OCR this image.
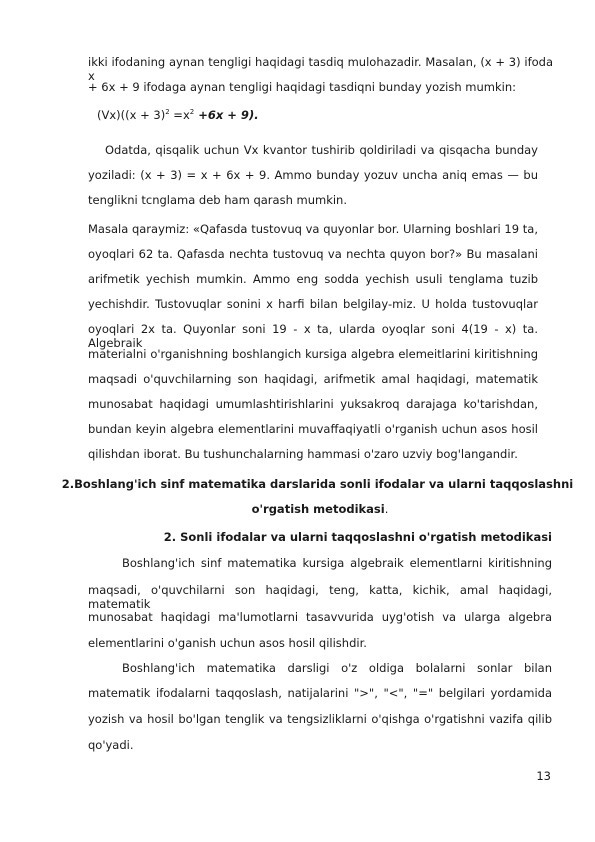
ikki ifodaning aynan tengligi haqidagi tasdiq mulohazadir. Masalan, (x + 3) ifoda x
+ 6x + 9 ifodaga aynan tengligi haqidagi tasdiqni bunday yozish mumkin:
$(Vx)((x + 3)^2 =x^2 +6x + 9)$.
Odatda, qisqalik uchun Vx kvantor tushirib qoldiriladi va qisqacha bunday
yoziladi: (x + 3) = x + 6x + 9. Ammo bunday yozuv uncha aniq emas — bu
tenglikni tcnglama deb ham qarash mumkin.
Masala qaraymiz: «Qafasda tustovuq va quyonlar bor. Ularning boshlari 19 ta,
oyoqlari 62 ta. Qafasda nechta tustovuq va nechta quyon bor?» Bu masalani
arifmetik yechish mumkin. Ammo eng sodda yechish usuli tenglama tuzib
yechishdir. Tustovuqlar sonini x harfi bilan belgilay-miz. U holda tustovuqlar
oyoqlari 2x ta. Quyonlar soni 19 - x ta, ularda oyoqlar soni 4(19 - x) ta. Algebraik
materialni o'rganishning boshlangich kursiga algebra elemeitlarini kiritishning
maqsadi o'quvchilarning son haqidagi, arifmetik amal haqidagi, matematik
munosabat haqidagi umumlashtirishlarini yuksakroq darajaga ko'tarishdan,
bundan keyin algebra elementlarini muvaffaqiyatli o'rganish uchun asos hosil
qilishdan iborat. Bu tushunchalarning hammasi o'zaro uzviy bog'langandir.
2.Boshlang'ich sinf matematika darslarida sonli ifodalar va ularni taqqoslashni
o'rgatish metodikasi.
2. Sonli ifodalar va ularni taqqoslashni o'rgatish metodikasi
Boshlang'ich sinf matematika kursiga algebraik elementlarni kiritishning
maqsadi, o'quvchilarni son haqidagi, teng, katta, kichik, amal haqidagi, matematik
munosabat haqidagi ma'lumotlarni tasavvurida uyg'otish va ularga algebra
elementlarini o'ganish uchun asos hosil qilishdir.
Boshlang'ich matematika darsligi o'z oldiga bolalarni sonlar bilan
matematik ifodalarni taqqoslash, natijalarini ">", "<", "=" belgilari yordamida
yozish va hosil bo'lgan tenglik va tengsizliklarni o'qishga o'rgatishni vazifa qilib
qo'yadi.
13
